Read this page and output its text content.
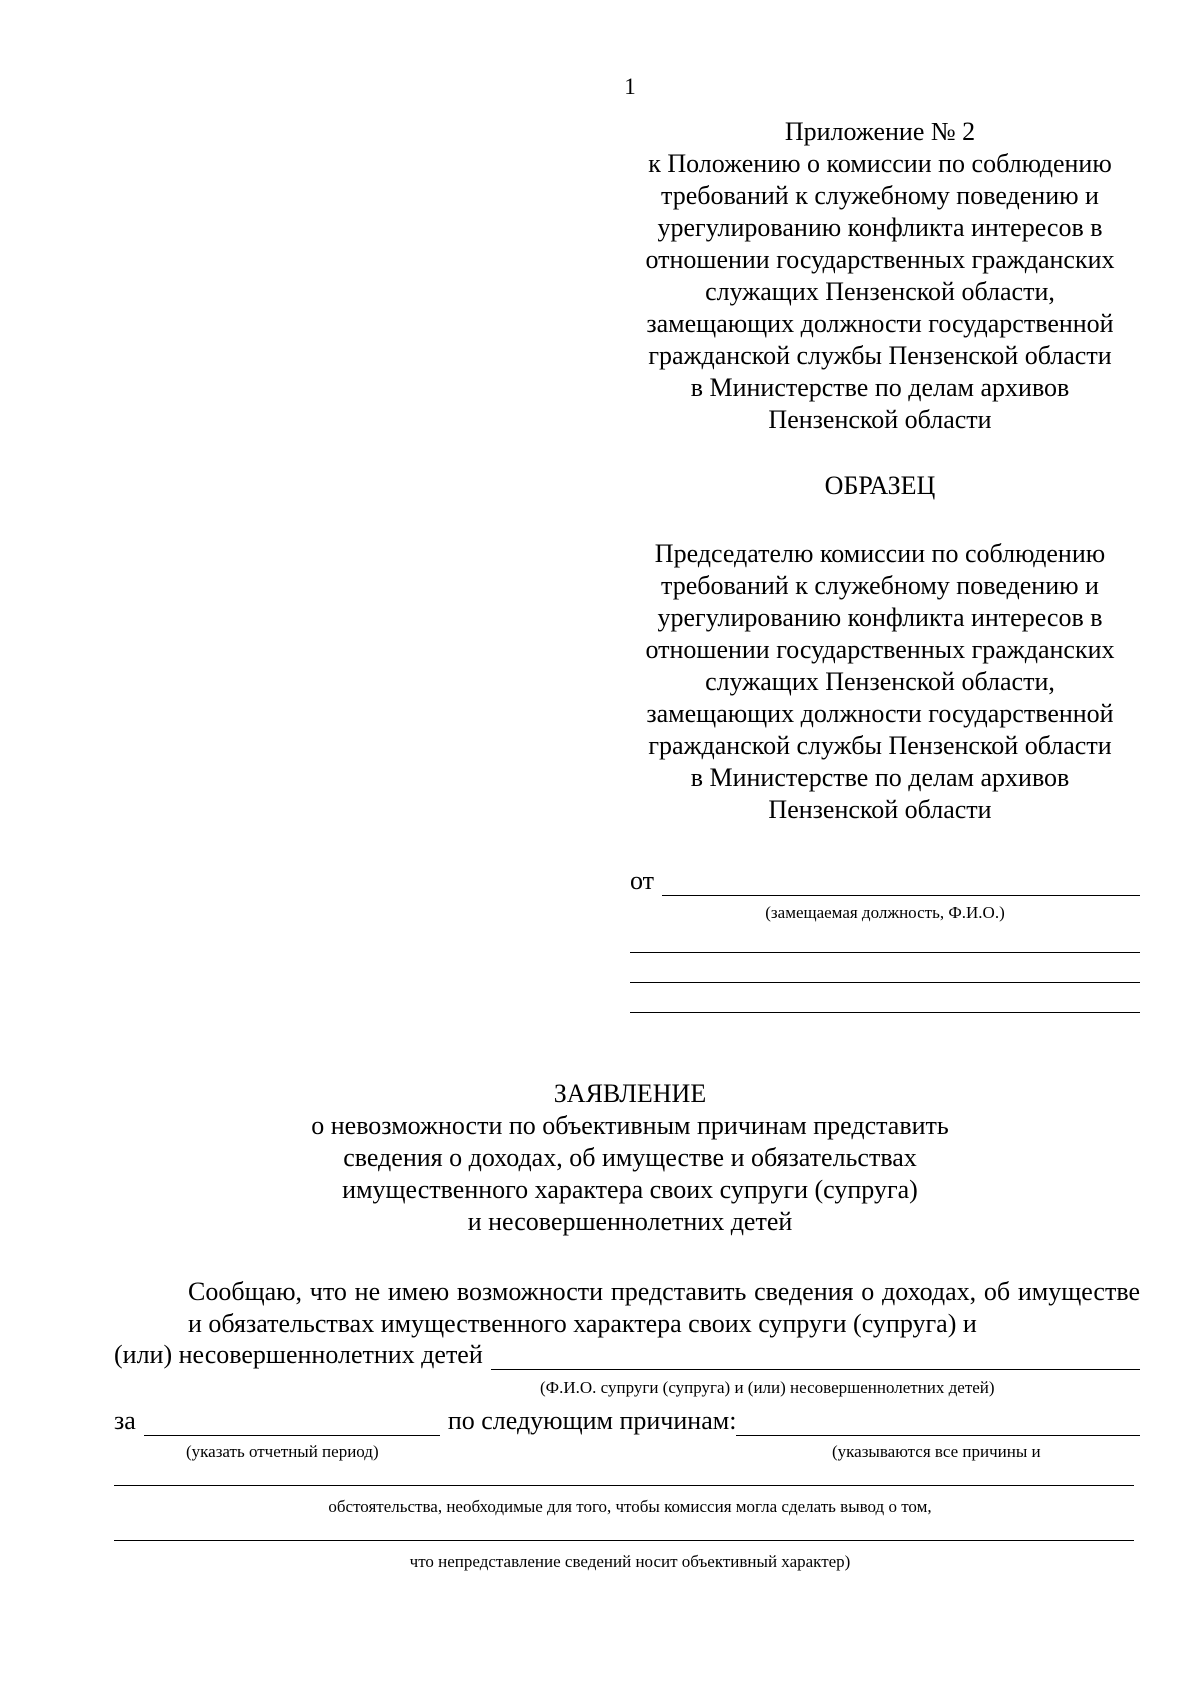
1
Приложение № 2
к Положению о комиссии по соблюдению
требований к служебному поведению и
урегулированию конфликта интересов в
отношении государственных гражданских
служащих Пензенской области,
замещающих должности государственной
гражданской службы Пензенской области
в Министерстве по делам архивов
Пензенской области
ОБРАЗЕЦ
Председателю комиссии по соблюдению
требований к служебному поведению и
урегулированию конфликта интересов в
отношении государственных гражданских
служащих Пензенской области,
замещающих должности государственной
гражданской службы Пензенской области
в Министерстве по делам архивов
Пензенской области
от
(замещаемая должность, Ф.И.О.)
ЗАЯВЛЕНИЕ
о невозможности по объективным причинам представить
сведения о доходах, об имуществе и обязательствах
имущественного характера своих супруги (супруга)
и несовершеннолетних детей
Сообщаю, что не имею возможности представить сведения о доходах, об имуществе и обязательствах имущественного характера своих супруги (супруга) и
(или) несовершеннолетних детей
(Ф.И.О. супруги (супруга) и (или) несовершеннолетних детей)
за	по следующим причинам:
(указать отчетный период)	(указываются все причины и
обстоятельства, необходимые для того, чтобы комиссия могла сделать вывод о том,
что непредставление сведений носит объективный характер)
